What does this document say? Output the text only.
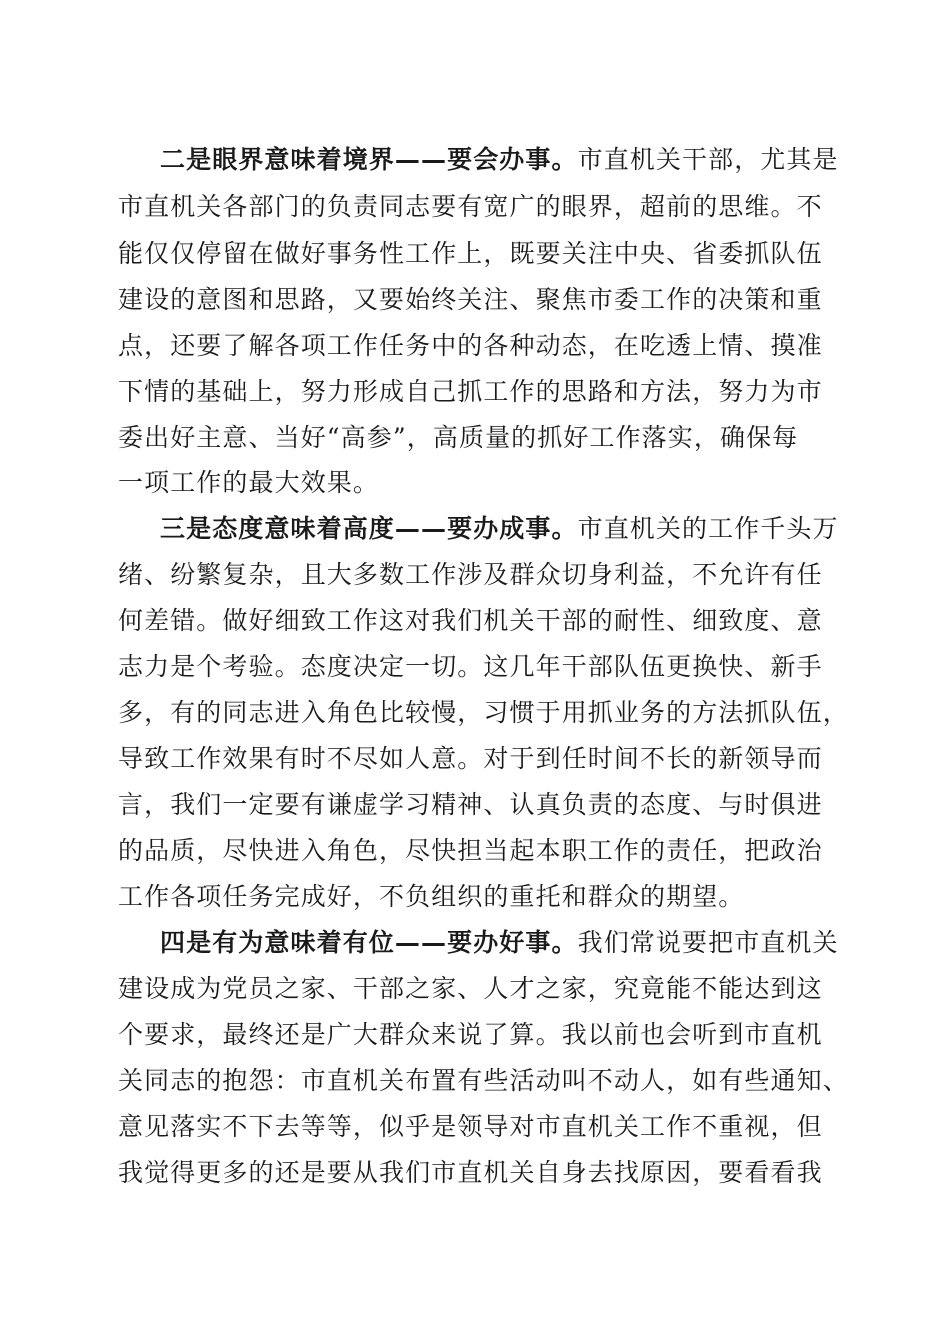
二是眼界意味着境界——要会办事。市直机关干部，尤其是
市直机关各部门的负责同志要有宽广的眼界，超前的思维。不
能仅仅停留在做好事务性工作上，既要关注中央、省委抓队伍
建设的意图和思路，又要始终关注、聚焦市委工作的决策和重
点，还要了解各项工作任务中的各种动态，在吃透上情、摸准
下情的基础上，努力形成自己抓工作的思路和方法，努力为市
委出好主意、当好“高参”，高质量的抓好工作落实，确保每
一项工作的最大效果。
三是态度意味着高度——要办成事。市直机关的工作千头万
绪、纷繁复杂，且大多数工作涉及群众切身利益，不允许有任
何差错。做好细致工作这对我们机关干部的耐性、细致度、意
志力是个考验。态度决定一切。这几年干部队伍更换快、新手
多，有的同志进入角色比较慢，习惯于用抓业务的方法抓队伍，
导致工作效果有时不尽如人意。对于到任时间不长的新领导而
言，我们一定要有谦虚学习精神、认真负责的态度、与时俱进
的品质，尽快进入角色，尽快担当起本职工作的责任，把政治
工作各项任务完成好，不负组织的重托和群众的期望。
四是有为意味着有位——要办好事。我们常说要把市直机关
建设成为党员之家、干部之家、人才之家，究竟能不能达到这
个要求，最终还是广大群众来说了算。我以前也会听到市直机
关同志的抱怨：市直机关布置有些活动叫不动人，如有些通知、
意见落实不下去等等，似乎是领导对市直机关工作不重视，但
我觉得更多的还是要从我们市直机关自身去找原因，要看看我
